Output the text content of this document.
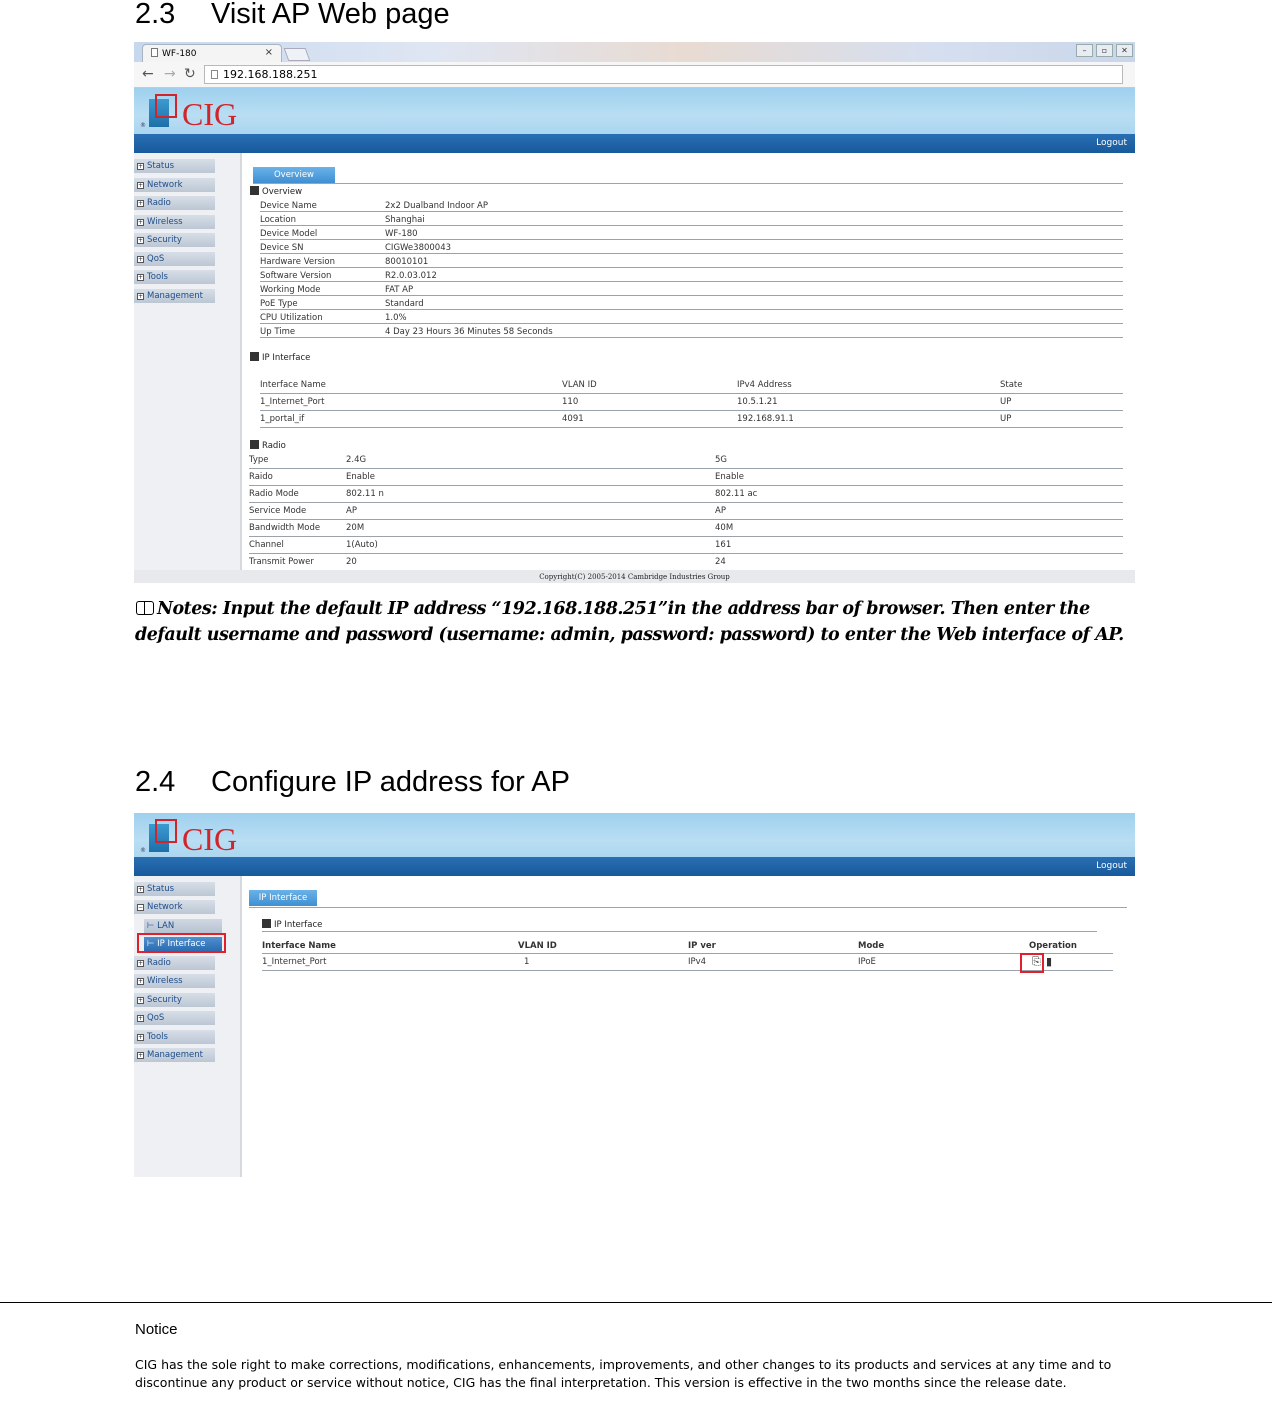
2.3 Visit AP Web page
WF-180	×	–	▫	✕
← → ↻	192.168.188.251
CIG
®
Logout
+ Status
+ Network
+ Radio
+ Wireless
+ Security
+ QoS
+ Tools
+ Management
Overview
Overview
Device Name	2x2 Dualband Indoor AP
Location	Shanghai
Device Model	WF-180
Device SN	CIGWe3800043
Hardware Version	80010101
Software Version	R2.0.03.012
Working Mode	FAT AP
PoE Type	Standard
CPU Utilization	1.0%
Up Time	4 Day 23 Hours 36 Minutes 58 Seconds
IP Interface
Interface Name	VLAN ID	IPv4 Address	State
1_Internet_Port	110	10.5.1.21	UP
1_portal_if	4091	192.168.91.1	UP
Radio
Type	2.4G	5G
Raido	Enable	Enable
Radio Mode	802.11 n	802.11 ac
Service Mode	AP	AP
Bandwidth Mode	20M	40M
Channel	1(Auto)	161
Transmit Power	20	24
Copyright(C) 2005-2014 Cambridge Industries Group
Notes: Input the default IP address “192.168.188.251”in the address bar of browser. Then enter the default username and password (username: admin, password: password) to enter the Web interface of AP.
2.4 Configure IP address for AP
CIG
®
Logout
+ Status
− Network
⊢ LAN
⊢ IP Interface
+ Radio
+ Wireless
+ Security
+ QoS
+ Tools
+ Management
IP Interface
IP Interface
Interface Name	VLAN ID	IP ver	Mode	Operation
1_Internet_Port	1	IPv4	IPoE	⎘ ▮
Notice
CIG has the sole right to make corrections, modifications, enhancements, improvements, and other changes to its products and services at any time and to discontinue any product or service without notice, CIG has the final interpretation. This version is effective in the two months since the release date.
